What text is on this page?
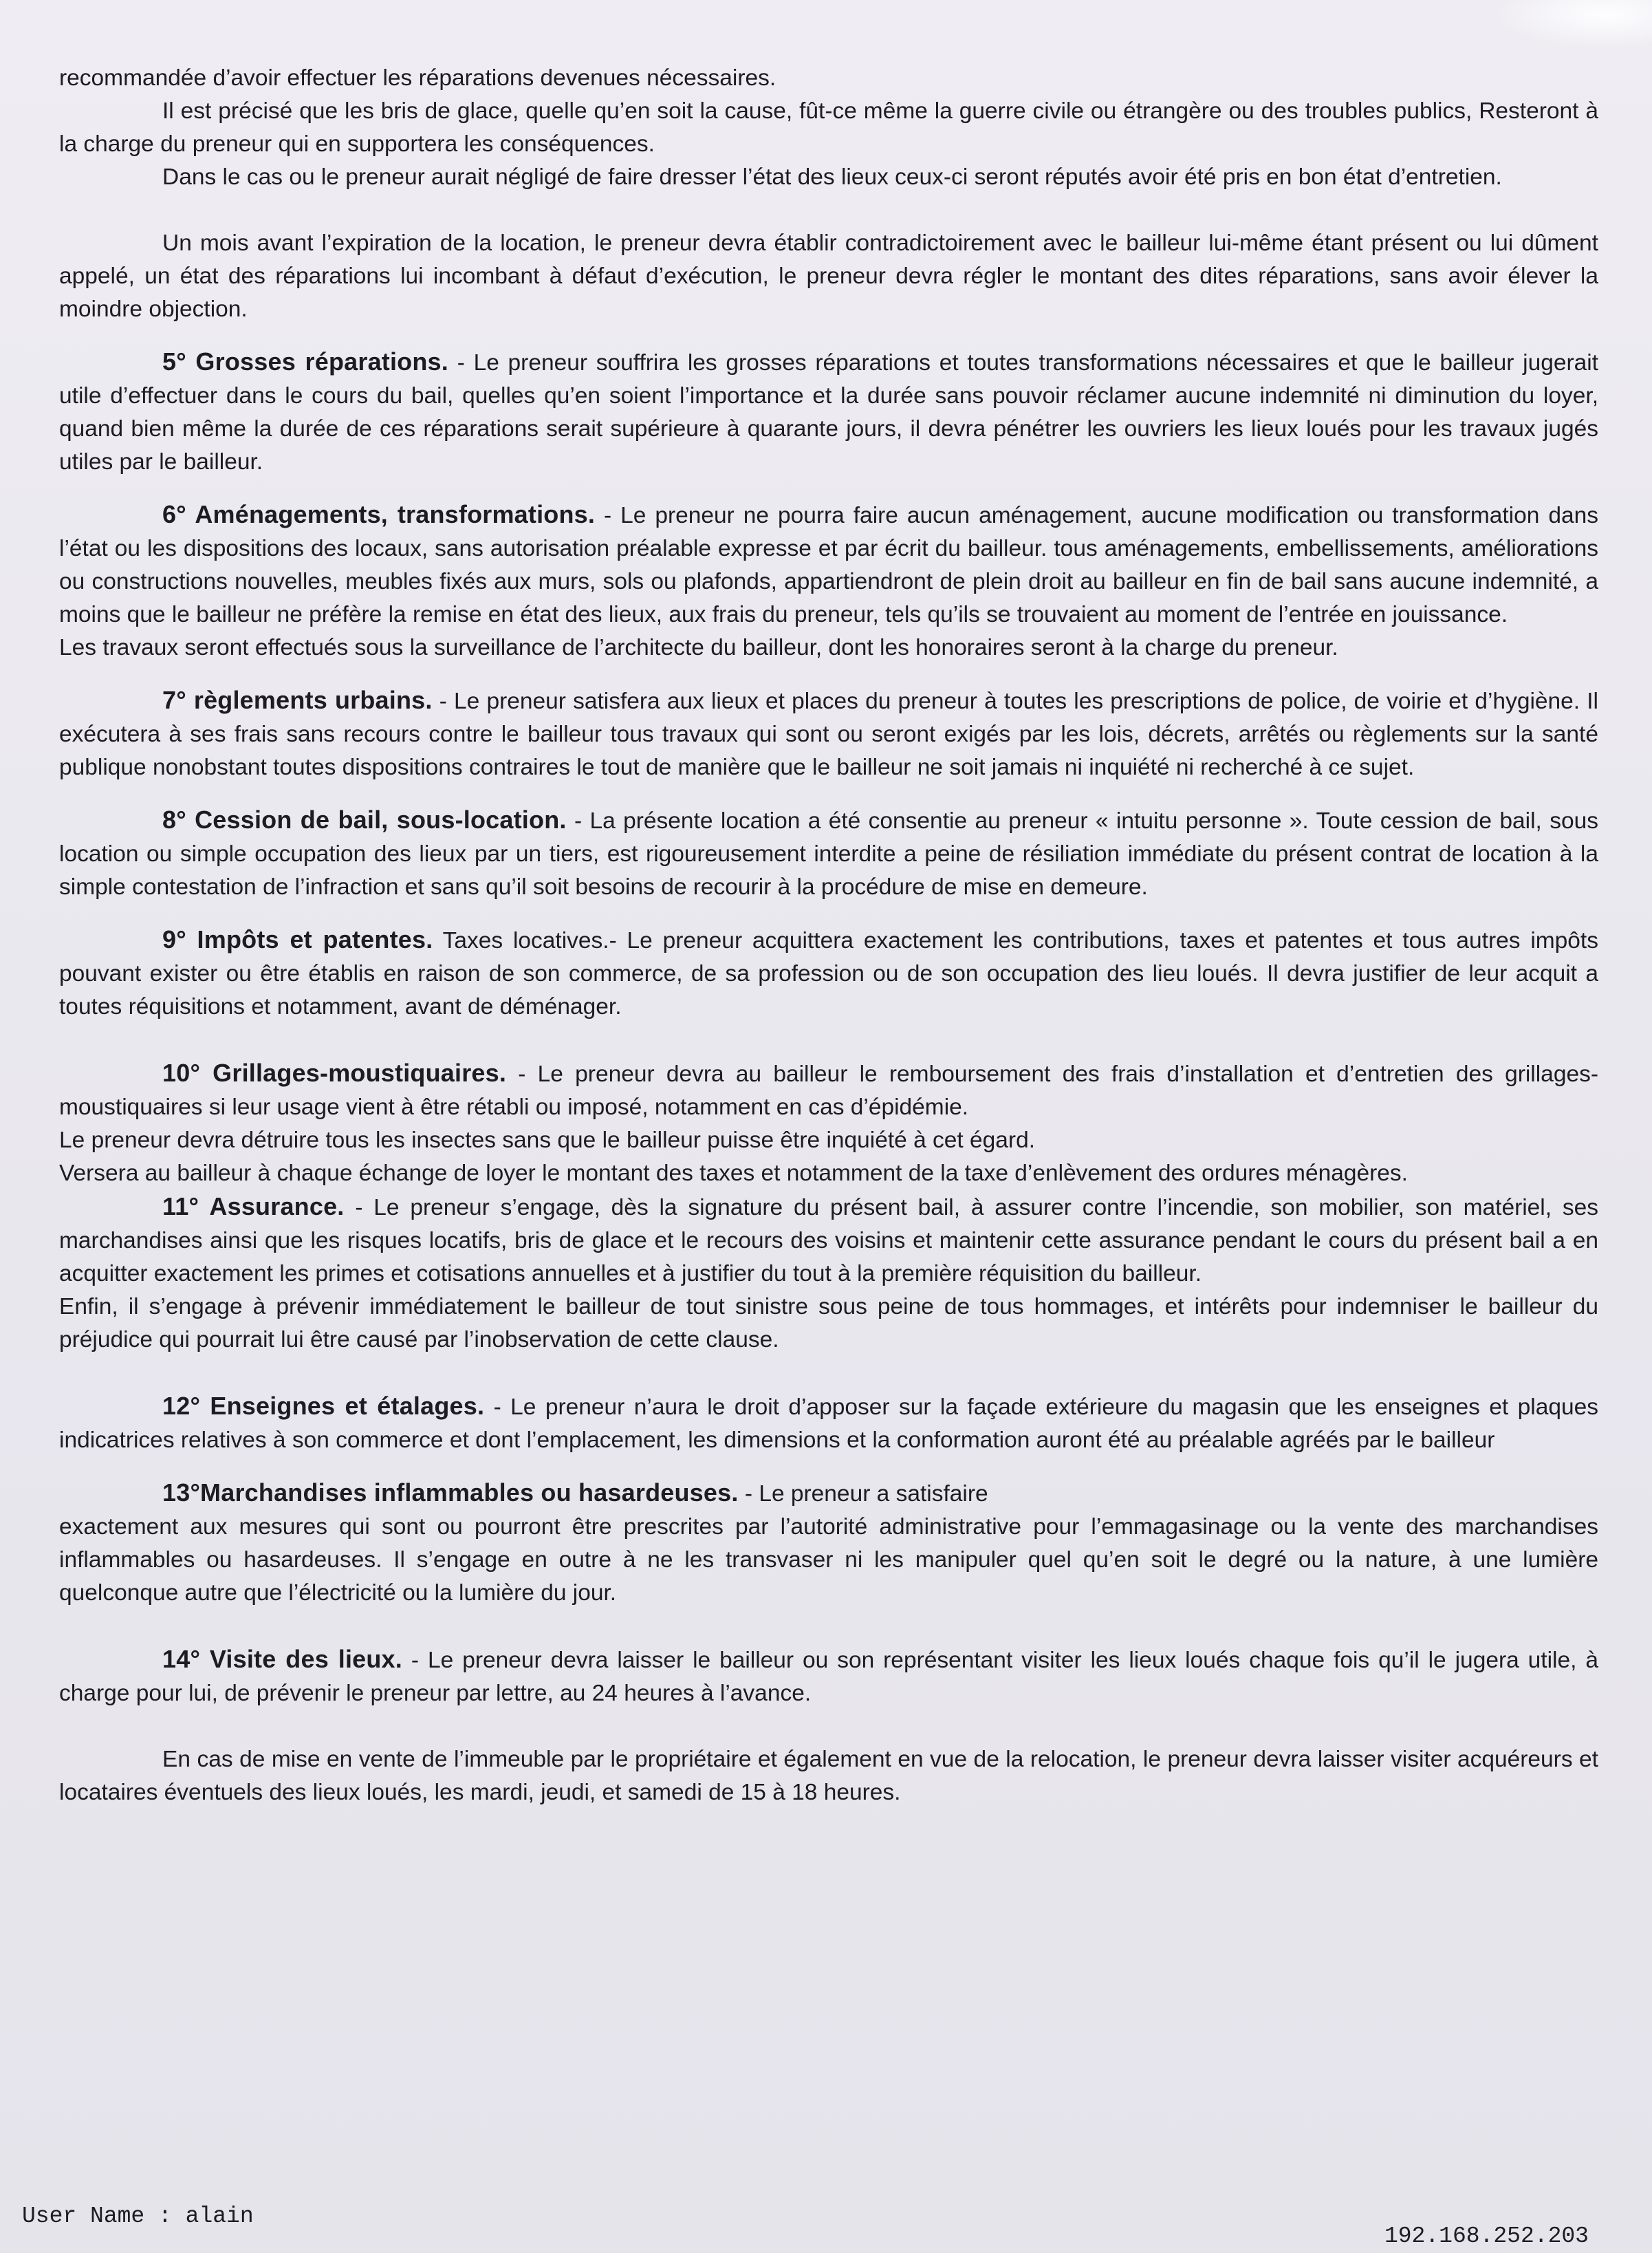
recommandée d’avoir effectuer les réparations devenues nécessaires.

Il est précisé que les bris de glace, quelle qu’en soit la cause, fût-ce même la guerre civile ou étrangère ou des troubles publics, Resteront à la charge du preneur qui en supportera les conséquences.

Dans le cas ou le preneur aurait négligé de faire dresser l’état des lieux ceux-ci seront réputés avoir été pris en bon état d’entretien.

Un mois avant l’expiration de la location, le preneur devra établir contradictoirement avec le bailleur lui-même étant présent ou lui dûment appelé, un état des réparations lui incombant à défaut d’exécution, le preneur devra régler le montant des dites réparations, sans avoir élever la moindre objection.

5° Grosses réparations. - Le preneur souffrira les grosses réparations et toutes transformations nécessaires et que le bailleur jugerait utile d’effectuer dans le cours du bail, quelles qu’en soient l’importance et la durée sans pouvoir réclamer aucune indemnité ni diminution du loyer, quand bien même la durée de ces réparations serait supérieure à quarante jours, il devra pénétrer les ouvriers les lieux loués pour les travaux jugés utiles par le bailleur.

6° Aménagements, transformations. - Le preneur ne pourra faire aucun aménagement, aucune modification ou transformation dans l’état ou les dispositions des locaux, sans autorisation préalable expresse et par écrit du bailleur. tous aménagements, embellissements, améliorations ou constructions nouvelles, meubles fixés aux murs, sols ou plafonds, appartiendront de plein droit au bailleur en fin de bail sans aucune indemnité, a moins que le bailleur ne préfère la remise en état des lieux, aux frais du preneur, tels qu’ils se trouvaient au moment de l’entrée en jouissance.

Les travaux seront effectués sous la surveillance de l’architecte du bailleur, dont les honoraires seront à la charge du preneur.

7° règlements urbains. - Le preneur satisfera aux lieux et places du preneur à toutes les prescriptions de police, de voirie et d’hygiène. Il exécutera à ses frais sans recours contre le bailleur tous travaux qui sont ou seront exigés par les lois, décrets, arrêtés ou règlements sur la santé publique nonobstant toutes dispositions contraires le tout de manière que le bailleur ne soit jamais ni inquiété ni recherché à ce sujet.

8° Cession de bail, sous-location. - La présente location a été consentie au preneur « intuitu personne ». Toute cession de bail, sous location ou simple occupation des lieux par un tiers, est rigoureusement interdite a peine de résiliation immédiate du présent contrat de location à la simple contestation de l’infraction et sans qu’il soit besoins de recourir à la procédure de mise en demeure.

9° Impôts et patentes. Taxes locatives.- Le preneur acquittera exactement les contributions, taxes et patentes et tous autres impôts pouvant exister ou être établis en raison de son commerce, de sa profession ou de son occupation des lieu loués. Il devra justifier de leur acquit a toutes réquisitions et notamment, avant de déménager.

10° Grillages-moustiquaires. - Le preneur devra au bailleur le remboursement des frais d’installation et d’entretien des grillages-moustiquaires si leur usage vient à être rétabli ou imposé, notamment en cas d’épidémie.

Le preneur devra détruire tous les insectes sans que le bailleur puisse être inquiété à cet égard.

Versera au bailleur à chaque échange de loyer le montant des taxes et notamment de la taxe d’enlèvement des ordures ménagères.

11° Assurance. - Le preneur s’engage, dès la signature du présent bail, à assurer contre l’incendie, son mobilier, son matériel, ses marchandises ainsi que les risques locatifs, bris de glace et le recours des voisins et maintenir cette assurance pendant le cours du présent bail a en acquitter exactement les primes et cotisations annuelles et à justifier du tout à la première réquisition du bailleur.

Enfin, il s’engage à prévenir immédiatement le bailleur de tout sinistre sous peine de tous hommages, et intérêts pour indemniser le bailleur du préjudice qui pourrait lui être causé par l’inobservation de cette clause.

12° Enseignes et étalages. - Le preneur n’aura le droit d’apposer sur la façade extérieure du magasin que les enseignes et plaques indicatrices relatives à son commerce et dont l’emplacement, les dimensions et la conformation auront été au préalable agréés par le bailleur

13°Marchandises inflammables ou hasardeuses. - Le preneur a satisfaire

exactement aux mesures qui sont ou pourront être prescrites par l’autorité administrative pour l’emmagasinage ou la vente des marchandises inflammables ou hasardeuses. Il s’engage en outre à ne les transvaser ni les manipuler quel qu’en soit le degré ou la nature, à une lumière quelconque autre que l’électricité ou la lumière du jour.

14° Visite des lieux. - Le preneur devra laisser le bailleur ou son représentant visiter les lieux loués chaque fois qu’il le jugera utile, à charge pour lui, de prévenir le preneur par lettre, au 24 heures à l’avance.

En cas de mise en vente de l’immeuble par le propriétaire et également en vue de la relocation, le preneur devra laisser visiter acquéreurs et locataires éventuels des lieux loués, les mardi, jeudi, et samedi de 15 à 18 heures.

User Name : alain
192.168.252.203
